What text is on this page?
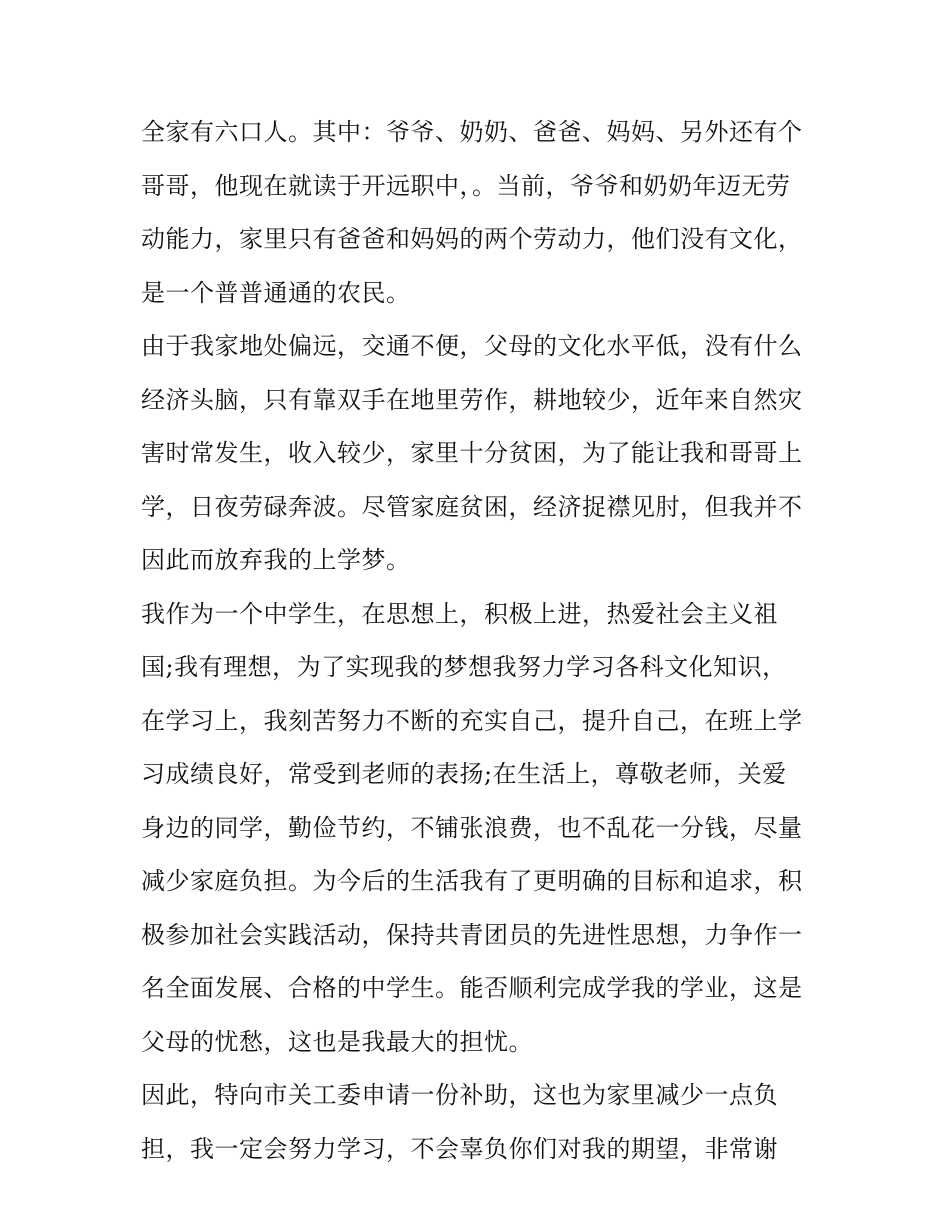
全家有六口人。其中：爷爷、奶奶、爸爸、妈妈、另外还有个
哥哥，他现在就读于开远职中，。当前，爷爷和奶奶年迈无劳
动能力，家里只有爸爸和妈妈的两个劳动力，他们没有文化，
是一个普普通通的农民。
由于我家地处偏远，交通不便，父母的文化水平低，没有什么
经济头脑，只有靠双手在地里劳作，耕地较少，近年来自然灾
害时常发生，收入较少，家里十分贫困，为了能让我和哥哥上
学，日夜劳碌奔波。尽管家庭贫困，经济捉襟见肘，但我并不
因此而放弃我的上学梦。
我作为一个中学生，在思想上，积极上进，热爱社会主义祖
国;我有理想，为了实现我的梦想我努力学习各科文化知识，
在学习上，我刻苦努力不断的充实自己，提升自己，在班上学
习成绩良好，常受到老师的表扬;在生活上，尊敬老师，关爱
身边的同学，勤俭节约，不铺张浪费，也不乱花一分钱，尽量
减少家庭负担。为今后的生活我有了更明确的目标和追求，积
极参加社会实践活动，保持共青团员的先进性思想，力争作一
名全面发展、合格的中学生。能否顺利完成学我的学业，这是
父母的忧愁，这也是我最大的担忧。
因此，特向市关工委申请一份补助，这也为家里减少一点负
担，我一定会努力学习，不会辜负你们对我的期望，非常谢
